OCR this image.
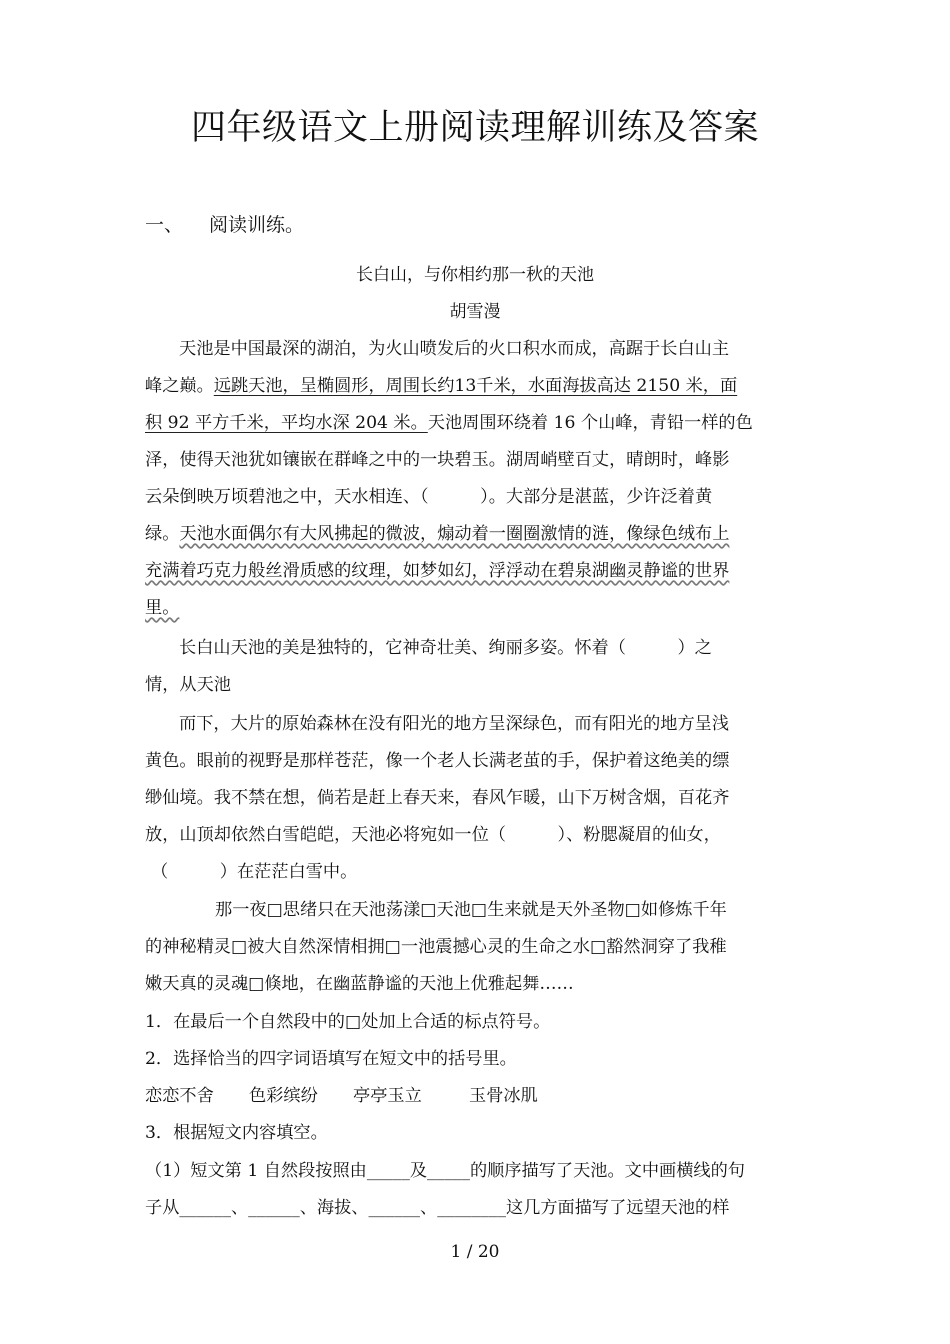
四年级语文上册阅读理解训练及答案
一、 阅读训练。
长白山，与你相约那一秋的天池
胡雪漫
天池是中国最深的湖泊，为火山喷发后的火口积水而成，高踞于长白山主
峰之巅。远跳天池，呈椭圆形，周围长约13千米，水面海拔高达 2150 米，面
积 92 平方千米，平均水深 204 米。天池周围环绕着 16 个山峰，青铅一样的色
泽，使得天池犹如镶嵌在群峰之中的一块碧玉。湖周峭壁百丈，晴朗时，峰影
云朵倒映万顷碧池之中，天水相连、（　　　）。大部分是湛蓝，少许泛着黄
绿。天池水面偶尔有大风拂起的微波，煽动着一圈圈激情的涟，像绿色绒布上
充满着巧克力般丝滑质感的纹理，如梦如幻，浮浮动在碧泉湖幽灵静谧的世界
里。
长白山天池的美是独特的，它神奇壮美、绚丽多姿。怀着（　　　）之
情，从天池
而下，大片的原始森林在没有阳光的地方呈深绿色，而有阳光的地方呈浅
黄色。眼前的视野是那样苍茫，像一个老人长满老茧的手，保护着这绝美的缥
缈仙境。我不禁在想，倘若是赶上春天来，春风乍暖，山下万树含烟，百花齐
放，山顶却依然白雪皑皑，天池必将宛如一位（　　　）、粉腮凝眉的仙女，
（　　　）在茫茫白雪中。
那一夜□思绪只在天池荡漾□天池□生来就是天外圣物□如修炼千年
的神秘精灵□被大自然深情相拥□一池震撼心灵的生命之水□豁然洞穿了我稚
嫩天真的灵魂□倏地，在幽蓝静谧的天池上优雅起舞……
1．在最后一个自然段中的□处加上合适的标点符号。
2．选择恰当的四字词语填写在短文中的括号里。
恋恋不舍 色彩缤纷 亭亭玉立	玉骨冰肌
3．根据短文内容填空。
（1）短文第 1 自然段按照由_____及_____的顺序描写了天池。文中画横线的句
子从______、______、海拔、______、________这几方面描写了远望天池的样
1 / 20
